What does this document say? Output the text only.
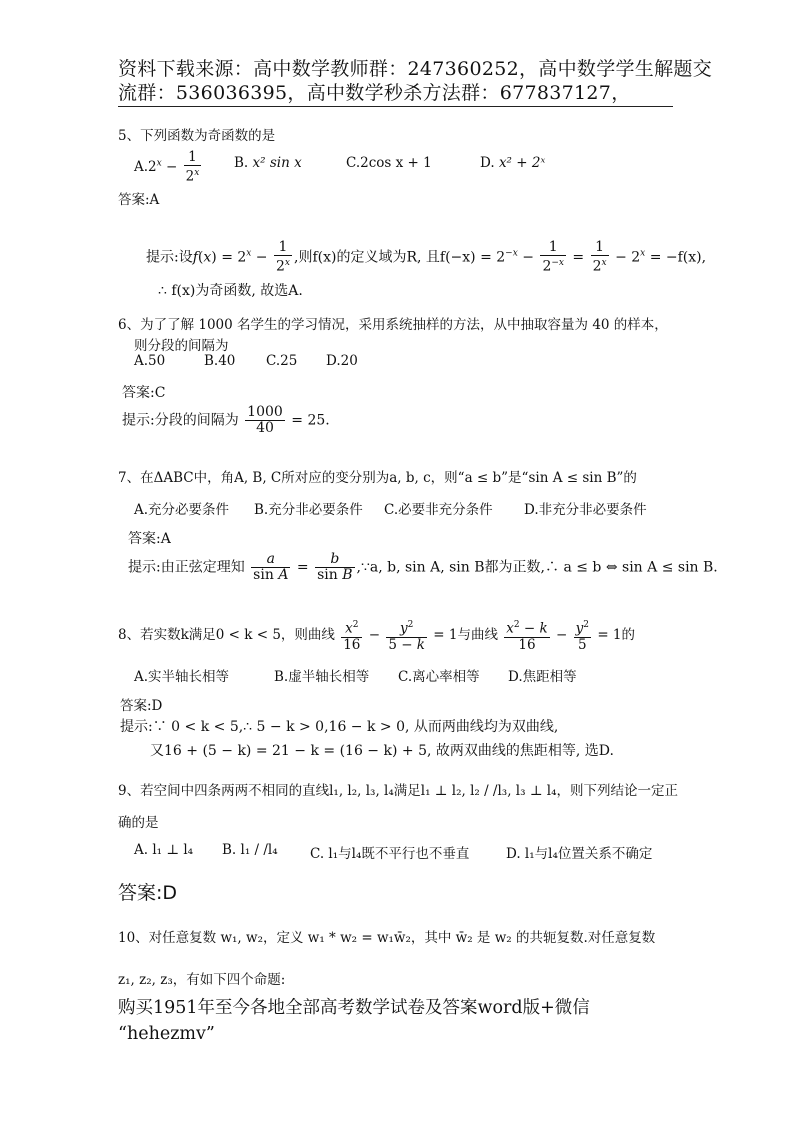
资料下载来源：高中数学教师群：247360252，高中数学学生解题交
流群：536036395，高中数学秒杀方法群：677837127，
5、下列函数为奇函数的是
$A.2^x - \frac{1}{2^x} B$. x² sin x	C.2cos x + 1	D. x² + 2ˣ
答案:A
提示:设$f(x) = 2^x - \frac{1}{2^x}$ ,则f(x)的定义域为R, 且$f(-x) = 2^{-x} - \frac{1}{2^{-x}} = \frac{1}{2^x} - 2^x = -f(x)$,
∴ f(x)为奇函数, 故选A.
6、为了了解 1000 名学生的学习情况，采用系统抽样的方法，从中抽取容量为 40 的样本，
则分段的间隔为
A.50	B.40 C.25 D.20
答案:C
提示:分段的间隔为 $\frac{1000}{40} = 25$.
7、在ΔABC中，角A, B, C所对应的变分别为a, b, c，则“a ≤ b”是“sin A ≤ sin B”的
A.充分必要条件 B.充分非必要条件 C.必要非充分条件 D.非充分非必要条件
答案:A
提示:由正弦定理知 $\frac{a}{\text{sin A}} = \frac{b}{\text{sin B}}$ ,∵a, b, sin A, sin B都为正数,∴ a ≤ b ⇔ sin A ≤ sin B.
8、若实数k满足0 < k < 5，则曲线 $\frac{x^2}{16} - \frac{y^2}{5 - k} = 1$与曲线 $\frac{x^2 - k}{16} - \frac{y^2}{5} = 1$的
A.实半轴长相等	B.虚半轴长相等 C.离心率相等 D.焦距相等
答案:D
提示:∵ 0 < k < 5,∴ 5 − k > 0,16 − k > 0, 从而两曲线均为双曲线,
又16 + (5 − k) = 21 − k = (16 − k) + 5, 故两双曲线的焦距相等, 选D.
9、若空间中四条两两不相同的直线l₁, l₂, l₃, l₄满足l₁ ⊥ l₂, l₂ / /l₃, l₃ ⊥ l₄，则下列结论一定正
确的是
A. l₁ ⊥ l₄ B. l₁ / /l₄ C. l₁与l₄既不平行也不垂直	D. l₁与l₄位置关系不确定
答案:D
10、对任意复数 w₁, w₂，定义 w₁ * w₂ = w₁w̄₂，其中 w̄₂ 是 w₂ 的共轭复数.对任意复数
z₁, z₂, z₃，有如下四个命题:
购买1951年至今各地全部高考数学试卷及答案word版+微信
“hehezmv”
